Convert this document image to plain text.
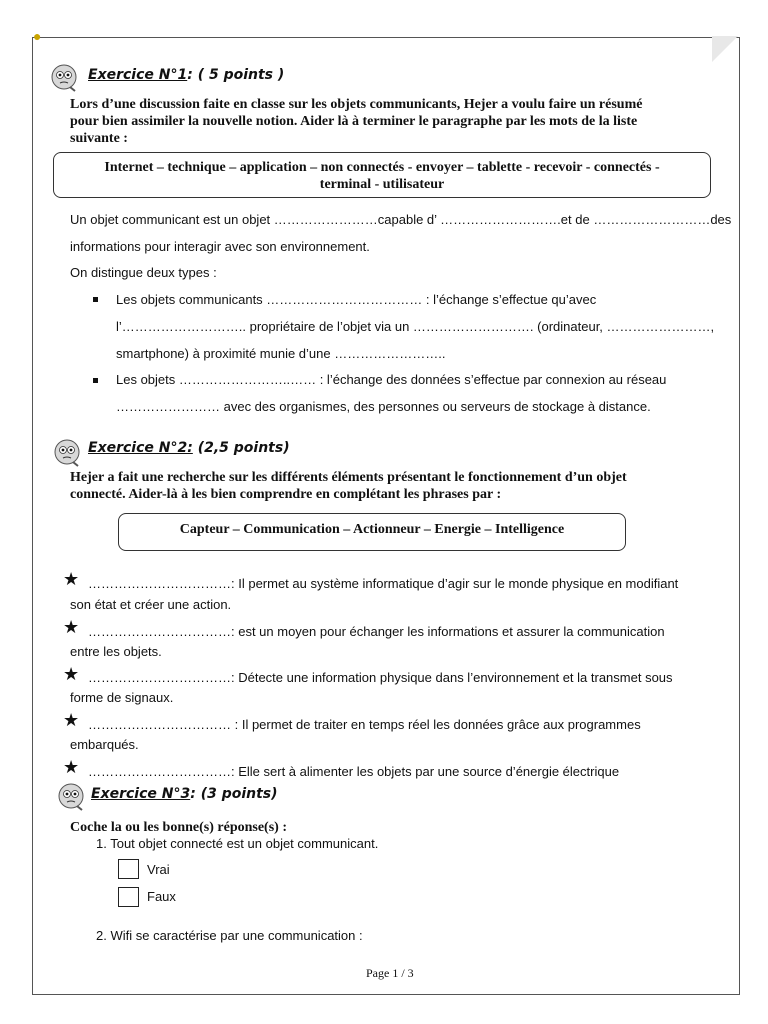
●
Exercice N°1: ( 5 points )
Lors d’une discussion faite en classe sur les objets communicants, Hejer a voulu faire un résumé
pour bien assimiler la nouvelle notion. Aider là à terminer le paragraphe par les mots de la liste
suivante :
Internet – technique – application – non connectés - envoyer – tablette - recevoir - connectés -
terminal - utilisateur
Un objet communicant est un objet ……………………capable d’ ……………………….et de ………………………des
informations pour interagir avec son environnement.
On distingue deux types :
Les objets communicants ……………………………… : l’échange s’effectue qu’avec
l’……………………….. propriétaire de l’objet via un ………………………. (ordinateur, ……………………,
smartphone) à proximité munie d’une ……………………..
Les objets ……………………..…… : l’échange des données s’effectue par connexion au réseau
…………………… avec des organismes, des personnes ou serveurs de stockage à distance.
Exercice N°2: (2,5 points)
Hejer a fait une recherche sur les différents éléments présentant le fonctionnement d’un objet
connecté. Aider-là à les bien comprendre en complétant les phrases par :
Capteur – Communication – Actionneur – Energie – Intelligence
★ ……………………………: Il permet au système informatique d’agir sur le monde physique en modifiant
son état et créer une action.
★ ……………………………: est un moyen pour échanger les informations et assurer la communication
entre les objets.
★ ……………………………: Détecte une information physique dans l’environnement et la transmet sous
forme de signaux.
★ …………………………… : Il permet de traiter en temps réel les données grâce aux programmes
embarqués.
★ ……………………………: Elle sert à alimenter les objets par une source d’énergie électrique
Exercice N°3: (3 points)
Coche la ou les bonne(s) réponse(s) :
1. Tout objet connecté est un objet communicant.
Vrai
Faux
2. Wifi se caractérise par une communication :
Page 1 / 3
